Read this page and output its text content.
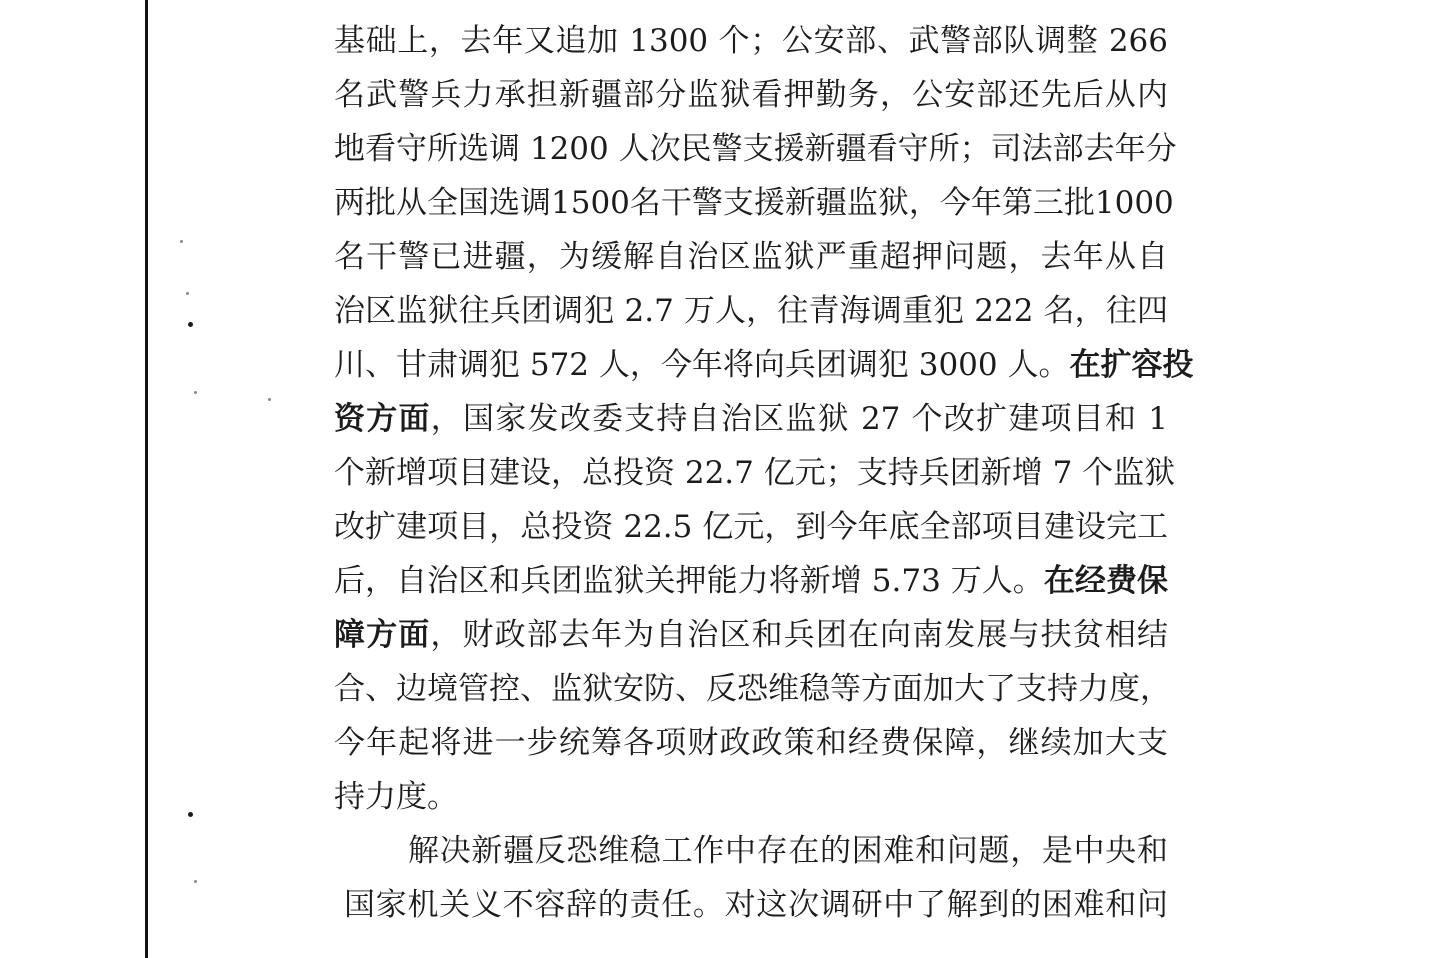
基础上，去年又追加 1300 个；公安部、武警部队调整 266
名武警兵力承担新疆部分监狱看押勤务，公安部还先后从内
地看守所选调 1200 人次民警支援新疆看守所；司法部去年分
两批从全国选调1500名干警支援新疆监狱，今年第三批1000
名干警已进疆，为缓解自治区监狱严重超押问题，去年从自
治区监狱往兵团调犯 2.7 万人，往青海调重犯 222 名，往四
川、甘肃调犯 572 人，今年将向兵团调犯 3000 人。在扩容投
资方面，国家发改委支持自治区监狱 27 个改扩建项目和 1
个新增项目建设，总投资 22.7 亿元；支持兵团新增 7 个监狱
改扩建项目，总投资 22.5 亿元，到今年底全部项目建设完工
后，自治区和兵团监狱关押能力将新增 5.73 万人。在经费保
障方面，财政部去年为自治区和兵团在向南发展与扶贫相结
合、边境管控、监狱安防、反恐维稳等方面加大了支持力度，
今年起将进一步统筹各项财政政策和经费保障，继续加大支
持力度。
解决新疆反恐维稳工作中存在的困难和问题，是中央和
国家机关义不容辞的责任。对这次调研中了解到的困难和问
